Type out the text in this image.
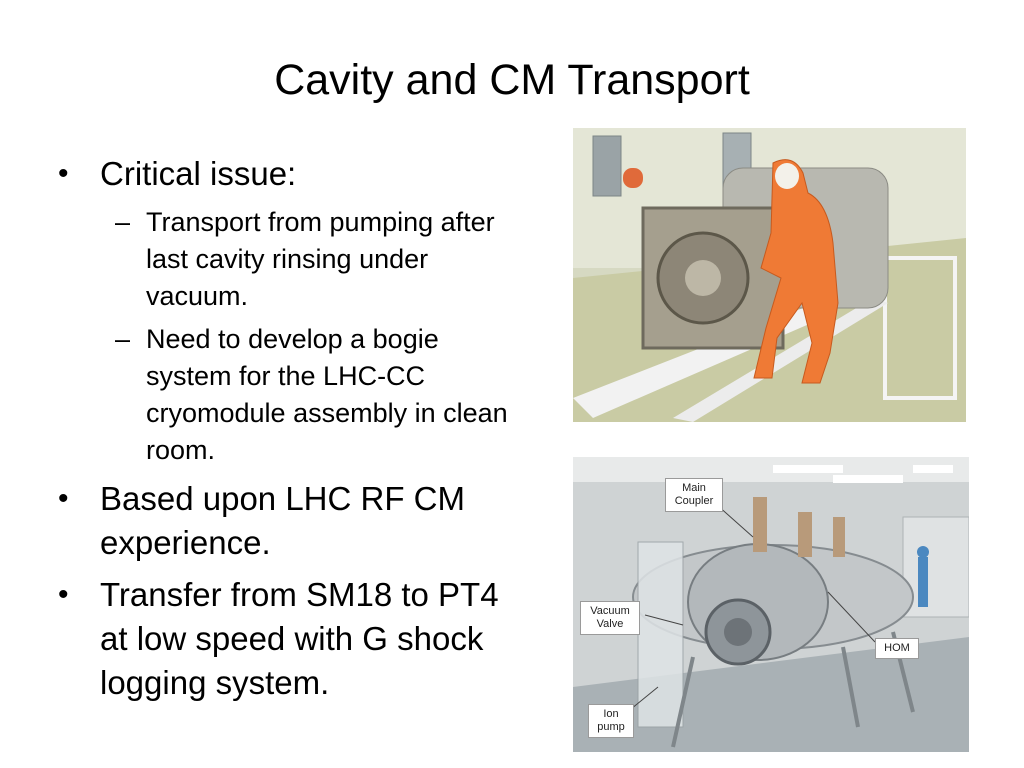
Cavity and CM Transport
• Critical issue:
– Transport from pumping after last cavity rinsing under vacuum.
– Need to develop a bogie system for the LHC-CC cryomodule assembly in clean room.
• Based upon LHC RF CM experience.
• Transfer from SM18 to PT4 at low speed with G shock logging system.
Main Coupler
Vacuum Valve
HOM
Ion pump
